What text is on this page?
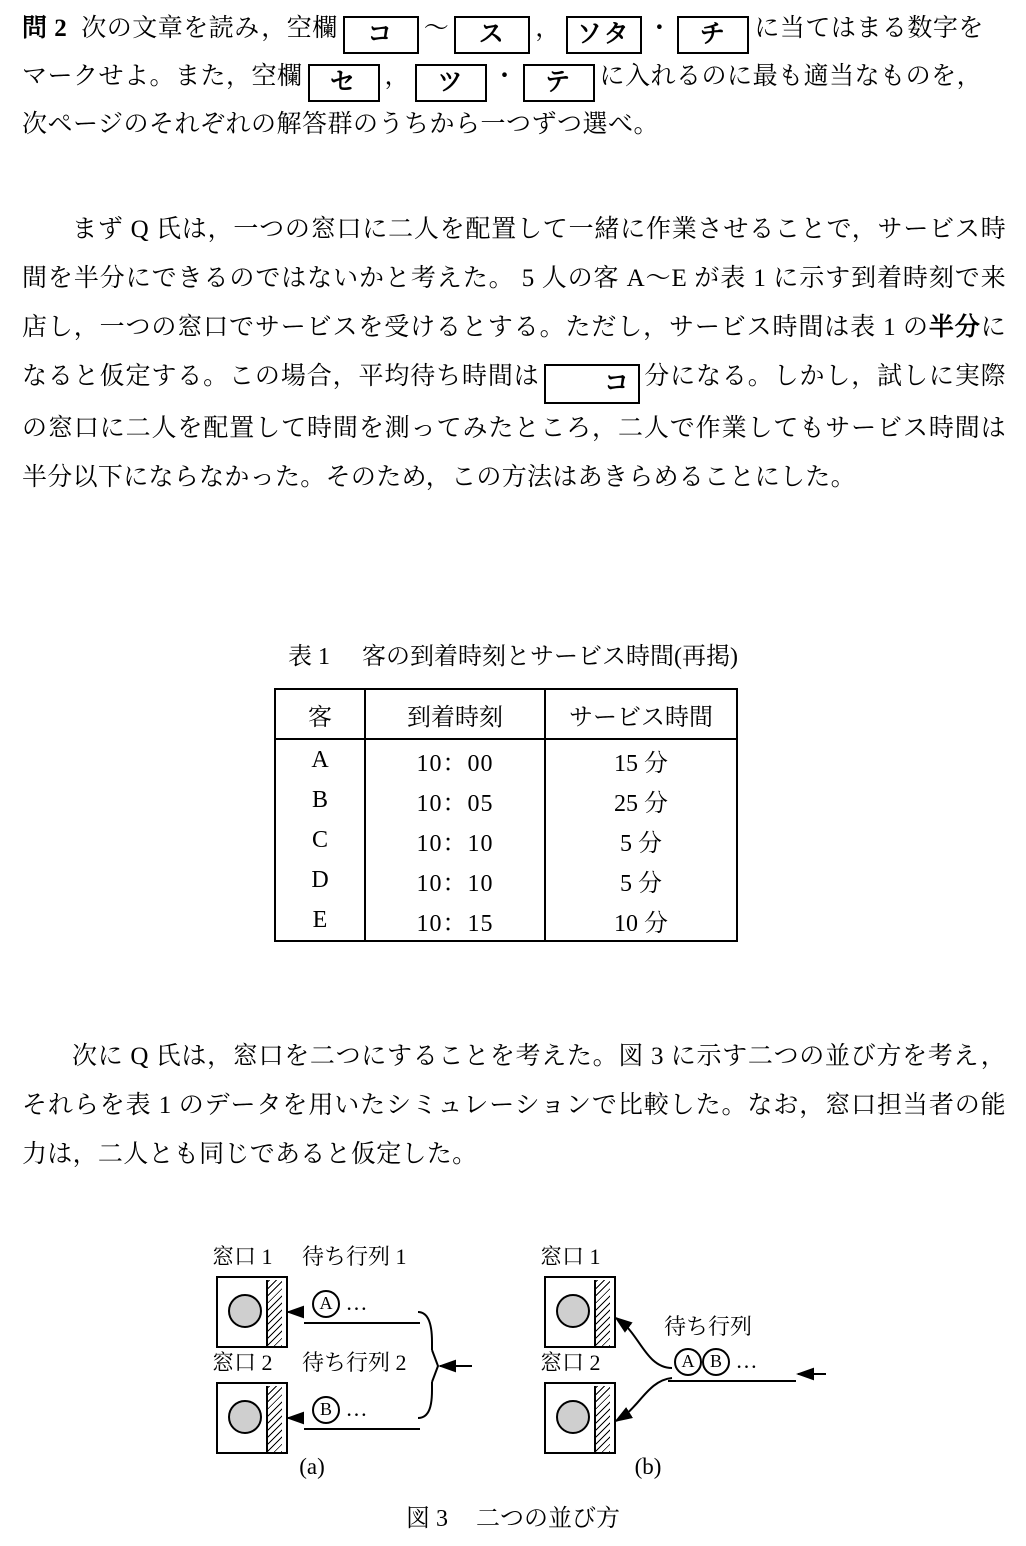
問 2 次の文章を読み，空欄 コ 〜 ス ， ソタ ・ チ に当てはまる数字をマークせよ。また，空欄 セ ， ツ ・ テ に入れるのに最も適当なものを，次ページのそれぞれの解答群のうちから一つずつ選べ。
まず Q 氏は，一つの窓口に二人を配置して一緒に作業させることで，サービス時間を半分にできるのではないかと考えた。 5 人の客 A〜E が表 1 に示す到着時刻で来店し，一つの窓口でサービスを受けるとする。ただし，サービス時間は表 1 の半分になると仮定する。この場合，平均待ち時間は	コ 分になる。しかし，試しに実際の窓口に二人を配置して時間を測ってみたところ，二人で作業してもサービス時間は半分以下にならなかった。そのため，この方法はあきらめることにした。
表 1 客の到着時刻とサービス時間(再掲)
客	到着時刻	サービス時間
A	10：00	15 分
B	10：05	25 分
C	10：10	5 分
D	10：10	5 分
E	10：15	10 分
次に Q 氏は，窓口を二つにすることを考えた。図 3 に示す二つの並び方を考え，それらを表 1 のデータを用いたシミュレーションで比較した。なお，窓口担当者の能力は，二人とも同じであると仮定した。
窓口 1
窓口 2
待ち行列 1
A …
待ち行列 2
B …
(a)
窓口 1
窓口 2
待ち行列
A B …
(b)
図 3 二つの並び方
